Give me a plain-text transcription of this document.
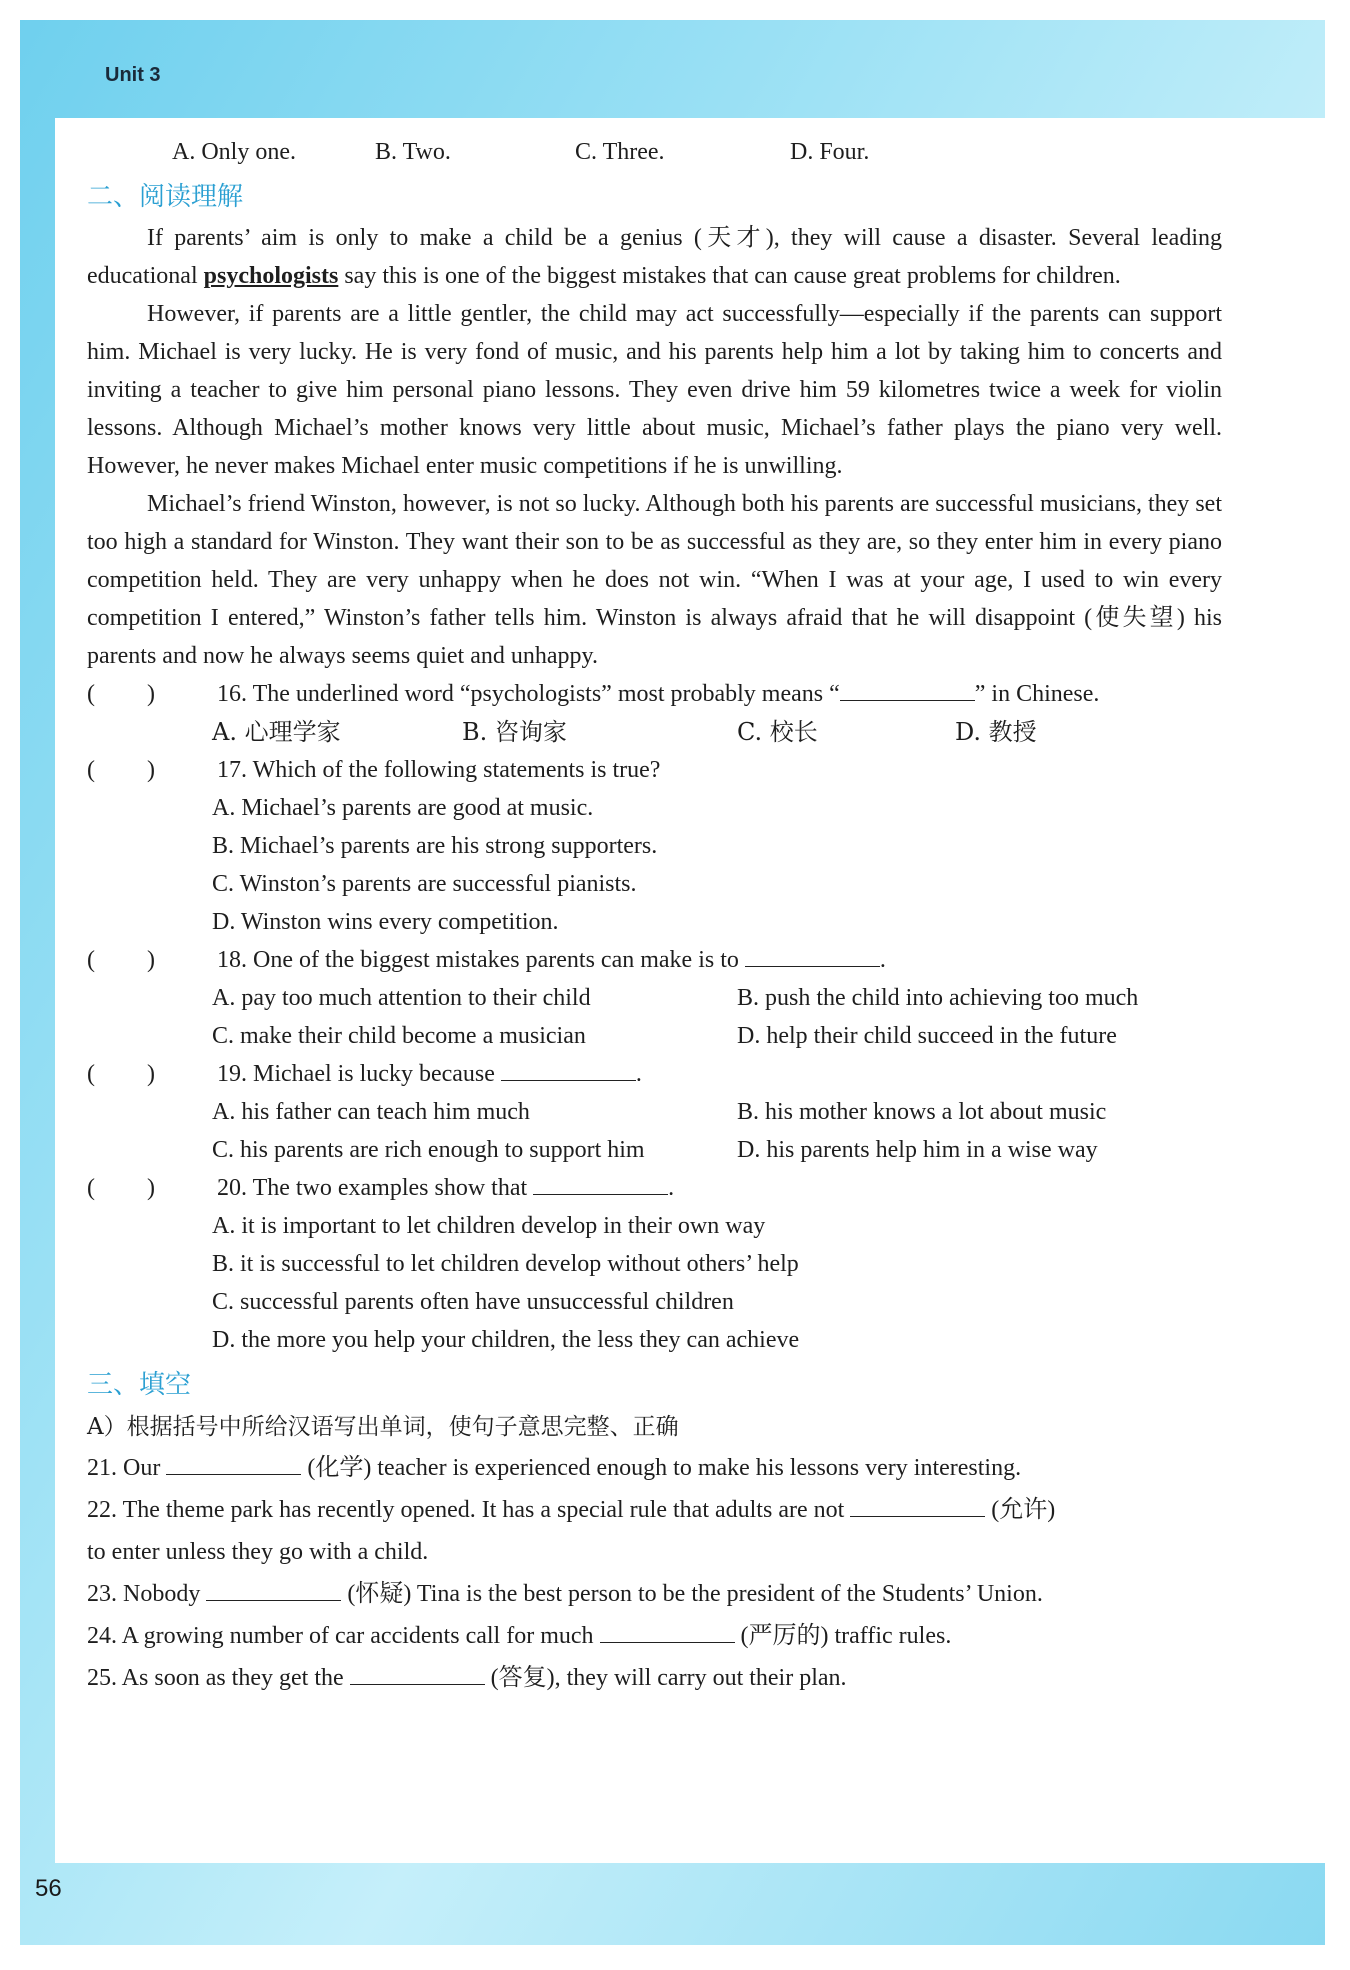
Unit 3
56
A. Only one.	B. Two.	C. Three.	D. Four.
二、阅读理解

If parents’ aim is only to make a child be a genius (天才), they will cause a disaster. Several leading educational psychologists say this is one of the biggest mistakes that can cause great problems for children.

However, if parents are a little gentler, the child may act successfully—especially if the parents can support him. Michael is very lucky. He is very fond of music, and his parents help him a lot by taking him to concerts and inviting a teacher to give him personal piano lessons. They even drive him 59 kilometres twice a week for violin lessons. Although Michael’s mother knows very little about music, Michael’s father plays the piano very well. However, he never makes Michael enter music competitions if he is unwilling.

Michael’s friend Winston, however, is not so lucky. Although both his parents are successful musicians, they set too high a standard for Winston. They want their son to be as successful as they are, so they enter him in every piano competition held. They are very unhappy when he does not win. “When I was at your age, I used to win every competition I entered,” Winston’s father tells him. Winston is always afraid that he will disappoint (使失望) his parents and now he always seems quiet and unhappy.

(	)	16. The underlined word “psychologists” most probably means “	” in Chinese.
A. 心理学家	B. 咨询家	C. 校长	D. 教授
(	)	17. Which of the following statements is true?
A. Michael’s parents are good at music.
B. Michael’s parents are his strong supporters.
C. Winston’s parents are successful pianists.
D. Winston wins every competition.
(	)	18. One of the biggest mistakes parents can make is to	.
A. pay too much attention to their child	B. push the child into achieving too much
C. make their child become a musician	D. help their child succeed in the future
(	)	19. Michael is lucky because	.
A. his father can teach him much	B. his mother knows a lot about music
C. his parents are rich enough to support him	D. his parents help him in a wise way
(	)	20. The two examples show that	.
A. it is important to let children develop in their own way
B. it is successful to let children develop without others’ help
C. successful parents often have unsuccessful children
D. the more you help your children, the less they can achieve
三、填空
A）根据括号中所给汉语写出单词，使句子意思完整、正确
21. Our	(化学) teacher is experienced enough to make his lessons very interesting.
22. The theme park has recently opened. It has a special rule that adults are not	(允许)
to enter unless they go with a child.
23. Nobody	(怀疑) Tina is the best person to be the president of the Students’ Union.
24. A growing number of car accidents call for much	(严厉的) traffic rules.
25. As soon as they get the	(答复), they will carry out their plan.
